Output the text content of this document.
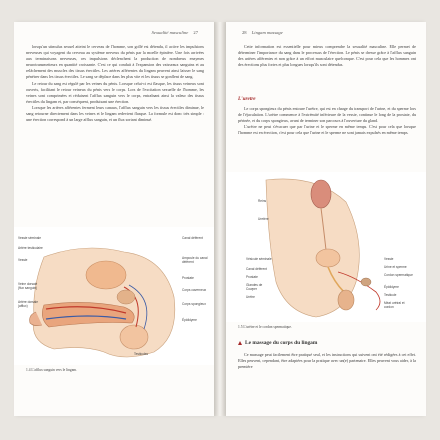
Sexualité masculine 27

lorsqu'un stimulus sexuel atteint le cerveau de l'homme, son gollé est détendu, il active les impulsions nerveuses qui voyagent du cerveau au système nerveux du pénis par la moelle épinière. Une fois arrivées aux terminaisons nerveuses, ces impulsions déclenchent la production de nombreux enzymes neurotransmetteurs en quantité croissante. C'est ce qui conduit à l'expansion des vaisseaux sanguins et au relâchement des muscles des tissus érectiles. Les artères afférentes du lingam peuvent ainsi laisser le sang pénétrer dans les tissus érectiles. Le sang se déplace dans les plus vite et les tissus se gonflent de sang.

Le retour du sang est régulé par les veines du pénis. Lorsque celui-ci est flasque, les tissus veineux sont ouverts, facilitant le retour veineux du pénis vers le corps. Lors de l'excitation sexuelle de l'homme, les veines sont comprimées et réduisent l'afflux sanguin vers le corps, entraînant ainsi la valeur des tissus érectiles du lingam et, par conséquent, produisant une érection.

Lorsque les artères afférentes ferment leurs canaux, l'afflux sanguin vers les tissus érectiles diminue, le sang retourne directement dans les veines et le lingam redevient flasque. La formule est donc très simple : une érection correspond à un large afflux sanguin, et un flux sortant diminué.

Vessie séminale
Artère testiculaire
Vessie
Veine dorsale (flux sanguin)
Artère dorsale (afflux)
Canal déférent
Ampoule du canal déférent
Prostate
Corps caverneux
Corps spongieux
Épididyme
Testicules
1.4 L'afflux sanguin vers le lingam.
28 Lingam massage

Cette information est essentielle pour mieux comprendre la sexualité masculine. Elle permet de déterminer l'importance du sang dans le processus de l'érection. Le pénis se dresse grâce à l'afflux sanguin des artères afférentes et non grâce à un effort musculaire quelconque. C'est pour cela que les hommes ont des érections plus fortes et plus longues lorsqu'ils sont détendus.

L'uretre

Le corps spongieux du pénis entoure l'urètre, qui est en charge du transport de l'urine, et du sperme lors de l'éjaculation. L'urètre commence à l'extrémité inférieure de la vessie, continue le long de la prostate, du périnée, et du corps spongieux, avant de terminer son parcours à l'ouverture du gland.

L'urètre ne peut s'évacuer que par l'urine et le sperme en même temps. C'est pour cela que lorsque l'homme est en érection, c'est pour cela que l'urine et le sperme ne sont jamais expulsés en même temps.

Reins
Uretère
Vésicule séminale
Canal déférent
Prostate
Glandes de Cowper
Urètre
Vessie
Urine et sperme
Cordon spermatique
Épididyme
Testicule
Méat urétral et cordon
1.5 L'urètre et le cordon spermatique.
Le massage du corps du lingam

Ce massage peut facilement être pratiqué seul, et les instructions qui suivent ont été rédigées à cet effet. Elles peuvent, cependant, être adaptées pour la pratique avec un(e) partenaire. Elles peuvent vous aider, à la première
